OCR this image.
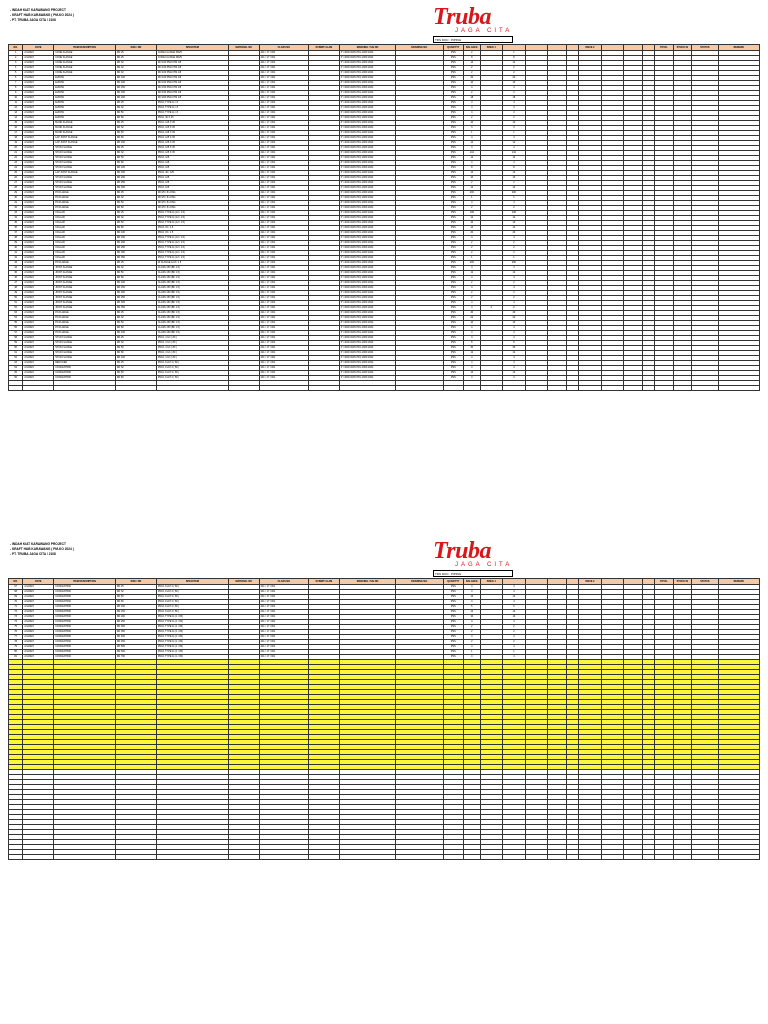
- INDAH KIAT KARAWANG PROJECT
- KRAFT H&B KARAWANG ( PM-KO 2024 )
- PT. TRUBA JAGA CITA / 2108	Truba
JAGA CITA
TDS DOC : PIPING
NO.	DATE	ITEM DESCRIPTION	SIZE / DN	SPEC/ITEM	MATERIAL NO	CLASS NO	SUBMIT ALAM	MARKING / SAI NO	DRAWING NO.	QUANTITY	BALANCE	ISSUE 1					ISSUE 2				TOTAL	STOCK IN	STATUS	REMARK
1	2/1/2023	CONE FLANGE	DN 25	CONE FLANGE DN25		241 / 17 / 001		P / 4000 WAN PFG 2009 2024		PSS	2		1											
2	2/1/2023	CONE FLANGE	DN 25	CONE FLANGE DN25		241 / 17 / 001		P / 4000 WAN PFG 2009 2024		PSS	8		8											
3	2/1/2023	CONE FLANGE	DN 32	DN 100 PN10 HM 1/8		241 / 17 / 001		P / 4000 WAN PFG 2009 2024		PSS	14		14											
4	2/1/2023	CONE FLANGE	DN 32	DN 100 PN10 HM 1/8		241 / 17 / 001		P / 4000 WAN PFG 2009 2024		PSS	2		2											
5	2/1/2023	CONE FLANGE	DN 32	DN 100 PN10 HM 1/8		241 / 17 / 001		P / 4000 WAN PFG 2009 2024		PSS	2		2											
6	2/1/2023	ELBOW	DN 100	DN 100 PN10 HM 1/8		241 / 17 / 001		P / 4000 WAN PFG 2009 2024		PSS	20		20											
7	2/1/2023	ELBOW	DN 100	DN 100 PN10 HM 1/8		241 / 17 / 001		P / 4000 WAN PFG 2009 2024		PSS	10		10											
8	2/1/2023	ELBOW	DN 150	DN 150 PN10 HM 1/8		241 / 17 / 001		P / 4000 WAN PFG 2009 2024		PSS	4		4											
9	2/1/2023	ELBOW	DN 150	DN 150 PN10 HM 1/8		241 / 17 / 001		P / 4000 WAN PFG 2009 2024		PSS	2		2											
10	2/1/2023	ELBOW	DN 200	DN 200 PN10 HM 1/8		241 / 17 / 001		P / 4000 WAN PFG 2009 2024		PSS	18		18											
11	2/1/2023	ELBOW	DN 25	PN10, TYPE 11 / 8		241 / 17 / 001		P / 4000 WAN PFG 2009 2024		PSS	4		4											
12	2/1/2023	ELBOW	DN 32	PN10, TYPE 11 / 8		241 / 17 / 001		P / 4000 WAN PFG 2009 2024		PSS	4		4											
13	2/1/2023	ELBOW	DN 50	PN10, TYPE 11 / 8		241 / 17 / 001		P / 4000 WAN PFG 2009 2024		PSS	4		4											
14	2/1/2023	ELBOW	DN 80	PN10, 30 X 45		241 / 17 / 001		P / 4000 WAN PFG 2009 2024		PSS	2		2											
15	2/1/2023	BLIND FLANGE	DN 25	PN10, 125 X 45		241 / 17 / 001		P / 4000 WAN PFG 2009 2024		PSS	10		10											
16	2/1/2023	BLIND FLANGE	DN 32	PN10, 125 X 45		241 / 17 / 001		P / 4000 WAN PFG 2009 2024		PSS	3		3											
17	2/1/2023	BLIND FLANGE	DN 50	PN10, 125 X 45		241 / 17 / 001		P / 4000 WAN PFG 2009 2024		PSS	1		1											
18	2/1/2023	LAP JOINT FLANGE	DN 80	PN10, 125 X 45		241 / 17 / 001		P / 4000 WAN PFG 2009 2024		PSS	4		4											
19	2/1/2023	LAP JOINT FLANGE	DN 100	PN10, 125 X 45		241 / 17 / 001		P / 4000 WAN PFG 2009 2024		PSS	12		12											
20	2/1/2023	STUD FLANGE	DN 25	PN10, 125 X 45		241 / 17 / 001		P / 4000 WAN PFG 2009 2024		PSS	4		4											
21	2/1/2023	STUD FLANGE	DN 32	PN10, 125 X 45		241 / 17 / 001		P / 4000 WAN PFG 2009 2024		PSS	144		144											
22	2/1/2023	STUD FLANGE	DN 50	PN10, 125		241 / 17 / 001		P / 4000 WAN PFG 2009 2024		PSS	12		12											
23	2/1/2023	STUD FLANGE	DN 80	PN10, 125		241 / 17 / 001		P / 4000 WAN PFG 2009 2024		PSS	4		4											
24	2/1/2023	STUD FLANGE	DN 100	PN10, 125		241 / 17 / 001		P / 4000 WAN PFG 2009 2024		PSS	8		8											
25	2/1/2023	LAP JOINT FLANGE	DN 150	PN10, 40 / 125		241 / 17 / 001		P / 4000 WAN PFG 2009 2024		PSS	14		14											
26	2/1/2023	STUD FLANGE	DN 200	PN10, 125		241 / 17 / 001		P / 4000 WAN PFG 2009 2024		PSS	10		10											
27	2/1/2023	STUD FLANGE	DN 250	PN10, 125		241 / 17 / 001		P / 4000 WAN PFG 2009 2024		PSS	2		2											
28	2/1/2023	STUD FLANGE	DN 300	PN10, 125		241 / 17 / 001		P / 4000 WAN PFG 2009 2024		PSS	12		12											
29	2/1/2023	PN FLANGE	DN 25	DN 25 / 8 LONG		241 / 17 / 001		P / 4000 WAN PFG 2009 2024		PSS	200		200											
30	2/1/2023	PN FLANGE	DN 32	DN 25 / 8 LONG		241 / 17 / 001		P / 4000 WAN PFG 2009 2024		PSS	1		1											
31	2/1/2023	PN FLANGE	DN 50	DN 25 / 8 LONG		241 / 17 / 001		P / 4000 WAN PFG 2009 2024		PSS	4		4											
32	2/1/2023	PN FLANGE	DN 80	DN 25 / 8 LONG		241 / 17 / 001		P / 4000 WAN PFG 2009 2024		PSS	2		2											
33	2/1/2023	COLLAR	DN 25	PN10, TYPE 11 (12 / 1.5)		241 / 17 / 001		P / 4000 WAN PFG 2009 2024		PSS	108		108											
34	2/1/2023	COLLAR	DN 32	PN10, TYPE 11 (12 / 1.5)		241 / 17 / 001		P / 4000 WAN PFG 2009 2024		PSS	12		12											
35	2/1/2023	COLLAR	DN 50	PN10, TYPE 11 (12 / 1.5)		241 / 17 / 001		P / 4000 WAN PFG 2009 2024		PSS	10		10											
36	2/1/2023	COLLAR	DN 80	PN10, 15 / 1.5		241 / 17 / 001		P / 4000 WAN PFG 2009 2024		PSS	14		14											
37	2/1/2023	COLLAR	DN 100	PN10, 15 / 1.5		241 / 17 / 001		P / 4000 WAN PFG 2009 2024		PSS	20		20											
38	2/1/2023	COLLAR	DN 150	PN10, TYPE 11 (12 / 1.5)		241 / 17 / 001		P / 4000 WAN PFG 2009 2024		PSS	4		4											
39	2/1/2023	COLLAR	DN 200	PN10, TYPE 11 (12 / 1.5)		241 / 17 / 001		P / 4000 WAN PFG 2009 2024		PSS	2		2											
40	2/1/2023	COLLAR	DN 250	PN10, TYPE 11 (12 / 1.5)		241 / 17 / 001		P / 4000 WAN PFG 2009 2024		PSS	2		2											
41	2/1/2023	COLLAR	DN 300	PN10, TYPE 11 (12 / 1.5)		241 / 17 / 001		P / 4000 WAN PFG 2009 2024		PSS	2		2											
42	2/1/2023	COLLAR	DN 350	PN10, TYPE 11 (12 / 1.5)		241 / 17 / 001		P / 4000 WAN PFG 2009 2024		PSS	1		1											
43	2/1/2023	PN FLANGE	DN 25	W FLANGE 12-8 / 1.5		241 / 17 / 001		P / 4000 WAN PFG 2009 2024		PSS	200		200											
44	2/1/2023	JOINT FLANGE	DN 32	CLASS 150 (BF 1.5)		241 / 17 / 001		P / 4000 WAN PFG 2009 2024		PSS	4		4											
45	2/1/2023	JOINT FLANGE	DN 50	CLASS 150 (BF 1.5)		241 / 17 / 001		P / 4000 WAN PFG 2009 2024		PSS	12		12											
46	2/1/2023	JOINT FLANGE	DN 80	CLASS 150 (BF 1.5)		241 / 17 / 001		P / 4000 WAN PFG 2009 2024		PSS	4		4											
47	2/1/2023	JOINT FLANGE	DN 100	CLASS 150 (BF 1.5)		241 / 17 / 001		P / 4000 WAN PFG 2009 2024		PSS	2		2											
48	2/1/2023	JOINT FLANGE	DN 150	CLASS 150 (BF 1.5)		241 / 17 / 001		P / 4000 WAN PFG 2009 2024		PSS	4		4											
49	2/1/2023	JOINT FLANGE	DN 200	CLASS 150 (BF 1.5)		241 / 17 / 001		P / 4000 WAN PFG 2009 2024		PSS	2		2											
50	2/1/2023	JOINT FLANGE	DN 250	CLASS 150 (BF 1.5)		241 / 17 / 001		P / 4000 WAN PFG 2009 2024		PSS	2		2											
51	2/1/2023	JOINT FLANGE	DN 300	CLASS 150 (BF 1.5)		241 / 17 / 001		P / 4000 WAN PFG 2009 2024		PSS	4		4											
52	2/1/2023	JOINT FLANGE	DN 350	CLASS 150 (BF 1.5)		241 / 17 / 001		P / 4000 WAN PFG 2009 2024		PSS	4	2	2											
53	2/1/2023	PN FLANGE	DN 25	CLASS 150 (BF 1.5)		241 / 17 / 001		P / 4000 WAN PFG 2009 2024		PSS	40		40											
54	2/1/2023	PN FLANGE	DN 32	CLASS 150 (BF 1.5)		241 / 17 / 001		P / 4000 WAN PFG 2009 2024		PSS	22		22											
55	2/1/2023	PN FLANGE	DN 50	CLASS 150 (BF 1.5)		241 / 17 / 001		P / 4000 WAN PFG 2009 2024		PSS	10		10											
56	2/1/2023	PN FLANGE	DN 80	CLASS 150 (BF 1.5)		241 / 17 / 001		P / 4000 WAN PFG 2009 2024		PSS	4		4											
57	2/1/2023	PN FLANGE	DN 100	CLASS 150 (BF 1.5)		241 / 17 / 001		P / 4000 WAN PFG 2009 2024		PSS	4		4											
58	2/1/2023	STUD FLANGE	DN 25	PN10, 4 1/1 ( 80 )		241 / 17 / 001		P / 4000 WAN PFG 2009 2024		PSS	4		4											
59	2/1/2023	STUD FLANGE	DN 32	PN10, 4 1/1 ( 80 )		241 / 17 / 001		P / 4000 WAN PFG 2009 2024		PSS	8		8											
60	2/1/2023	STUD FLANGE	DN 50	PN10, 4 1/1 ( 80 )		241 / 17 / 001		P / 4000 WAN PFG 2009 2024		PSS	30		30											
61	2/1/2023	STUD FLANGE	DN 80	PN10, 4 1/1 ( 80 )		241 / 17 / 001		P / 4000 WAN PFG 2009 2024		PSS	12		12											
62	2/1/2023	STUD FLANGE	DN 100	PN10, 4 1/1 ( 80 )		241 / 17 / 001		P / 4000 WAN PFG 2009 2024		PSS	4		4											
63	2/1/2023	REDUCER	DN 25	PN10, FLAT 4 ( 80 )		241 / 17 / 001		P / 4000 WAN PFG 2009 2024		PSS	4		4											
64	2/1/2023	CONCENTRIC	DN 32	PN10, FLAT 4 ( 80 )		241 / 17 / 001		P / 4000 WAN PFG 2009 2024		PSS	4		4											
65	2/1/2023	CONCENTRIC	DN 50	PN10, FLAT 4 ( 80 )		241 / 17 / 001		P / 4000 WAN PFG 2009 2024		PSS	14		14											
66	2/1/2023	CONCENTRIC	DN 80	PN10, FLAT 4 ( 80 )		241 / 17 / 001		P / 4000 WAN PFG 2009 2024		PSS	4		4											

- INDAH KIAT KARAWANG PROJECT
- KRAFT H&B KARAWANG ( PM-KO 2024 )
- PT. TRUBA JAGA CITA / 2108	Truba
JAGA CITA
TDS DOC : PIPING
NO.	DATE	ITEM DESCRIPTION	SIZE / DN	SPEC/ITEM	MATERIAL NO	CLASS NO	SUBMIT ALAM	MARKING / SAI NO	DRAWING NO.	QUANTITY	BALANCE	ISSUE 1					ISSUE 2				TOTAL	STOCK IN	STATUS	REMARK
67	2/1/2023	CONCENTRIC	DN 25	PN10, FLAT 4 ( 80 )		241 / 17 / 001				PSS	4		4											
68	2/1/2023	CONCENTRIC	DN 32	PN10, FLAT 4 ( 80 )		241 / 17 / 001				PSS	4		4											
69	2/1/2023	CONCENTRIC	DN 50	PN10, FLAT 4 ( 80 )		241 / 17 / 001				PSS	12		12											
70	2/1/2023	CONCENTRIC	DN 80	PN10, FLAT 4 ( 80 )		241 / 17 / 001				PSS	4		4											
71	2/1/2023	CONCENTRIC	DN 100	PN10, FLAT 4 ( 80 )		241 / 17 / 001				PSS	6		6											
72	2/1/2023	CONCENTRIC	DN 150	PN10, FLAT 4 ( 80 )		241 / 17 / 001				PSS	12		12											
73	2/1/2023	CONCENTRIC	DN 200	PN10, TYPE 11 (1 / 80)		241 / 17 / 001				PSS	10		10											
74	2/1/2023	CONCENTRIC	DN 250	PN10, TYPE 11 (1 / 80)		241 / 17 / 001				PSS	4		4											
75	2/1/2023	CONCENTRIC	DN 300	PN10, TYPE 11 (1 / 80)		241 / 17 / 001				PSS	2		2											
76	2/1/2023	CONCENTRIC	DN 350	PN10, TYPE 11 (1 / 80)		241 / 17 / 001				PSS	2		2											
77	2/1/2023	CONCENTRIC	DN 400	PN10, TYPE 11 (1 / 80)		241 / 17 / 001				PSS	4		4											
78	2/1/2023	CONCENTRIC	DN 450	PN10, TYPE 11 (1 / 80)		241 / 17 / 001				PSS	2		2											
79	2/1/2023	CONCENTRIC	DN 500	PN10, TYPE 11 (1 / 80)		241 / 17 / 001				PSS	4		4											
80	2/1/2023	CONCENTRIC	DN 600	PN10, TYPE 11 (1 / 80)		241 / 17 / 001				PSS	1		1											
81	2/1/2023	CONCENTRIC	DN 700	PN10, TYPE 11 (1 / 80)		241 / 17 / 001				PSS	4		4											
